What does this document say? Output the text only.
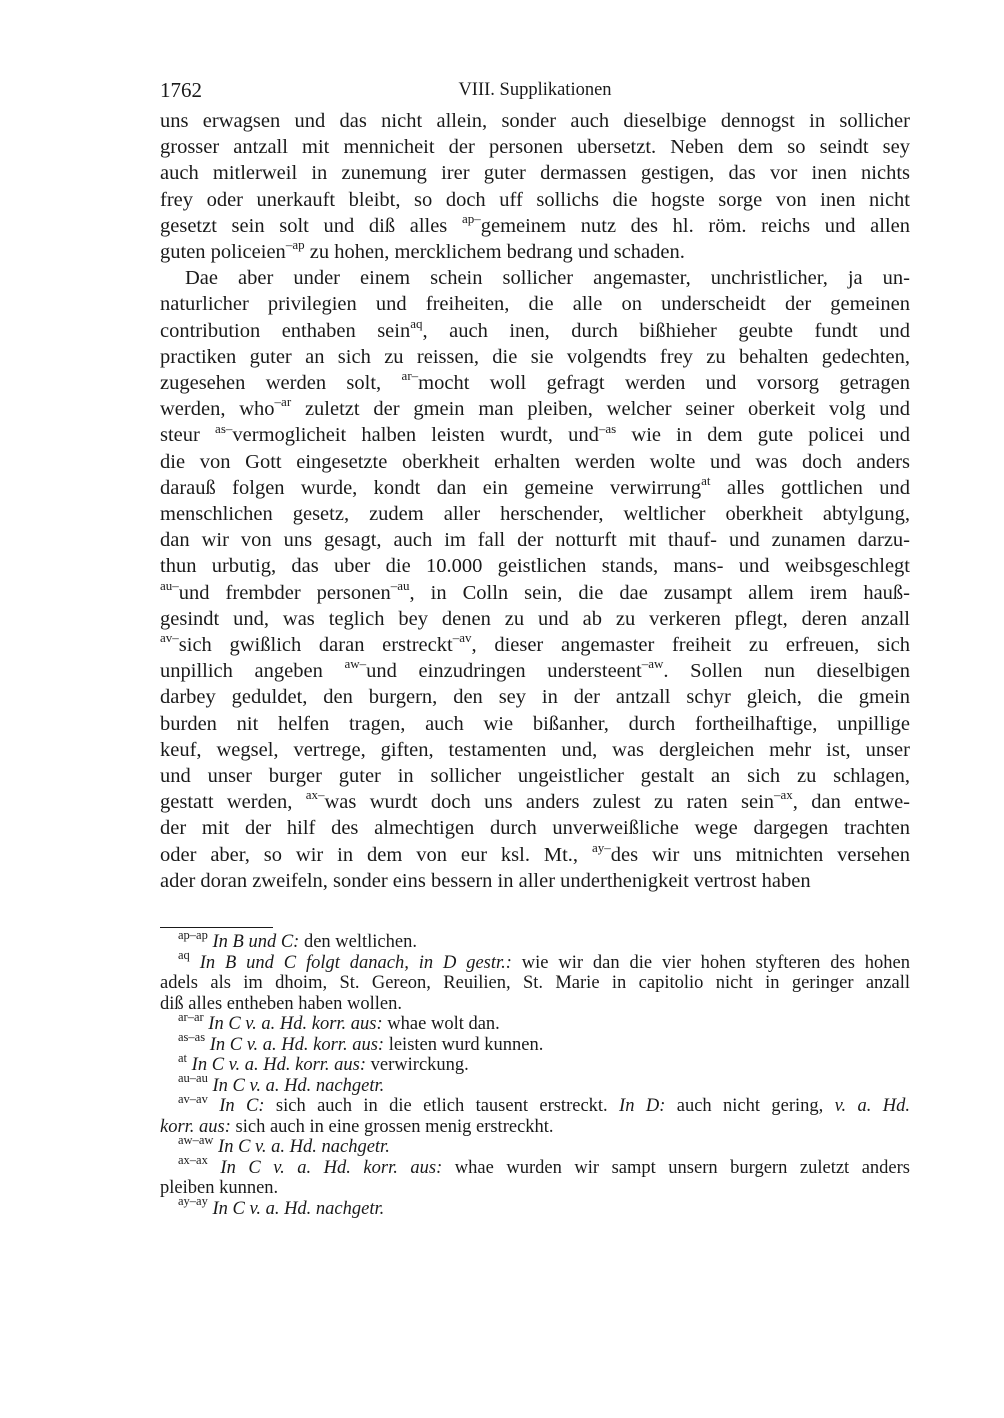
1762	VIII. Supplikationen
uns erwagsen und das nicht allein, sonder auch dieselbige dennogst in sollicher
grosser antzall mit mennicheit der personen ubersetzt. Neben dem so seindt sey
auch mitlerweil in zunemung irer guter dermassen gestigen, das vor inen nichts
frey oder unerkauft bleibt, so doch uff sollichs die hogste sorge von inen nicht
gesetzt sein solt und diß alles $^{ap-}$gemeinem nutz des hl. röm. reichs und allen
guten policeien$^{-ap}$ zu hohen, mercklichem bedrang und schaden.
Dae aber under einem schein sollicher angemaster, unchristlicher, ja un-
naturlicher privilegien und freiheiten, die alle on underscheidt der gemeinen
contribution enthaben sein$^{aq}$, auch inen, durch bißhieher geubte fundt und
practiken guter an sich zu reissen, die sie volgendts frey zu behalten gedechten,
zugesehen werden solt, $^{ar-}$mocht woll gefragt werden und vorsorg getragen
werden, who$^{-ar}$ zuletzt der gmein man pleiben, welcher seiner oberkeit volg und
steur $^{as-}$vermoglicheit halben leisten wurdt, und$^{-as}$ wie in dem gute policei und
die von Gott eingesetzte oberkheit erhalten werden wolte und was doch anders
darauß folgen wurde, kondt dan ein gemeine verwirrung$^{at}$ alles gottlichen und
menschlichen gesetz, zudem aller herschender, weltlicher oberkheit abtylgung,
dan wir von uns gesagt, auch im fall der notturft mit thauf- und zunamen darzu-
thun urbutig, das uber die 10.000 geistlichen stands, mans- und weibsgeschlegt
$^{au-}$und frembder personen$^{-au}$, in Colln sein, die dae zusampt allem irem hauß-
gesindt und, was teglich bey denen zu und ab zu verkeren pflegt, deren anzall
$^{av-}$sich gwißlich daran erstreckt$^{-av}$, dieser angemaster freiheit zu erfreuen, sich
unpillich angeben $^{aw-}$und einzudringen understeent$^{-aw}$. Sollen nun dieselbigen
darbey geduldet, den burgern, den sey in der antzall schyr gleich, die gmein
burden nit helfen tragen, auch wie bißanher, durch fortheilhaftige, unpillige
keuf, wegsel, vertrege, giften, testamenten und, was dergleichen mehr ist, unser
und unser burger guter in sollicher ungeistlicher gestalt an sich zu schlagen,
gestatt werden, $^{ax-}$was wurdt doch uns anders zulest zu raten sein$^{-ax}$, dan entwe-
der mit der hilf des almechtigen durch unverweißliche wege dargegen trachten
oder aber, so wir in dem von eur ksl. Mt., $^{ay-}$des wir uns mitnichten versehen
ader doran zweifeln, sonder eins bessern in aller underthenigkeit vertrost haben
$^{ap-ap}$ In B und C: den weltlichen.
$^{aq}$ In B und C folgt danach, in D gestr.: wie wir dan die vier hohen styfteren des hohen
adels als im dhoim, St. Gereon, Reuilien, St. Marie in capitolio nicht in geringer anzall
diß alles entheben haben wollen.
$^{ar-ar}$ In C v. a. Hd. korr. aus: whae wolt dan.
$^{as-as}$ In C v. a. Hd. korr. aus: leisten wurd kunnen.
$^{at}$ In C v. a. Hd. korr. aus: verwirckung.
$^{au-au}$ In C v. a. Hd. nachgetr.
$^{av-av}$ In C: sich auch in die etlich tausent erstreckt. In D: auch nicht gering, v. a. Hd.
korr. aus: sich auch in eine grossen menig erstreckht.
$^{aw-aw}$ In C v. a. Hd. nachgetr.
$^{ax-ax}$ In C v. a. Hd. korr. aus: whae wurden wir sampt unsern burgern zuletzt anders
pleiben kunnen.
$^{ay-ay}$ In C v. a. Hd. nachgetr.
